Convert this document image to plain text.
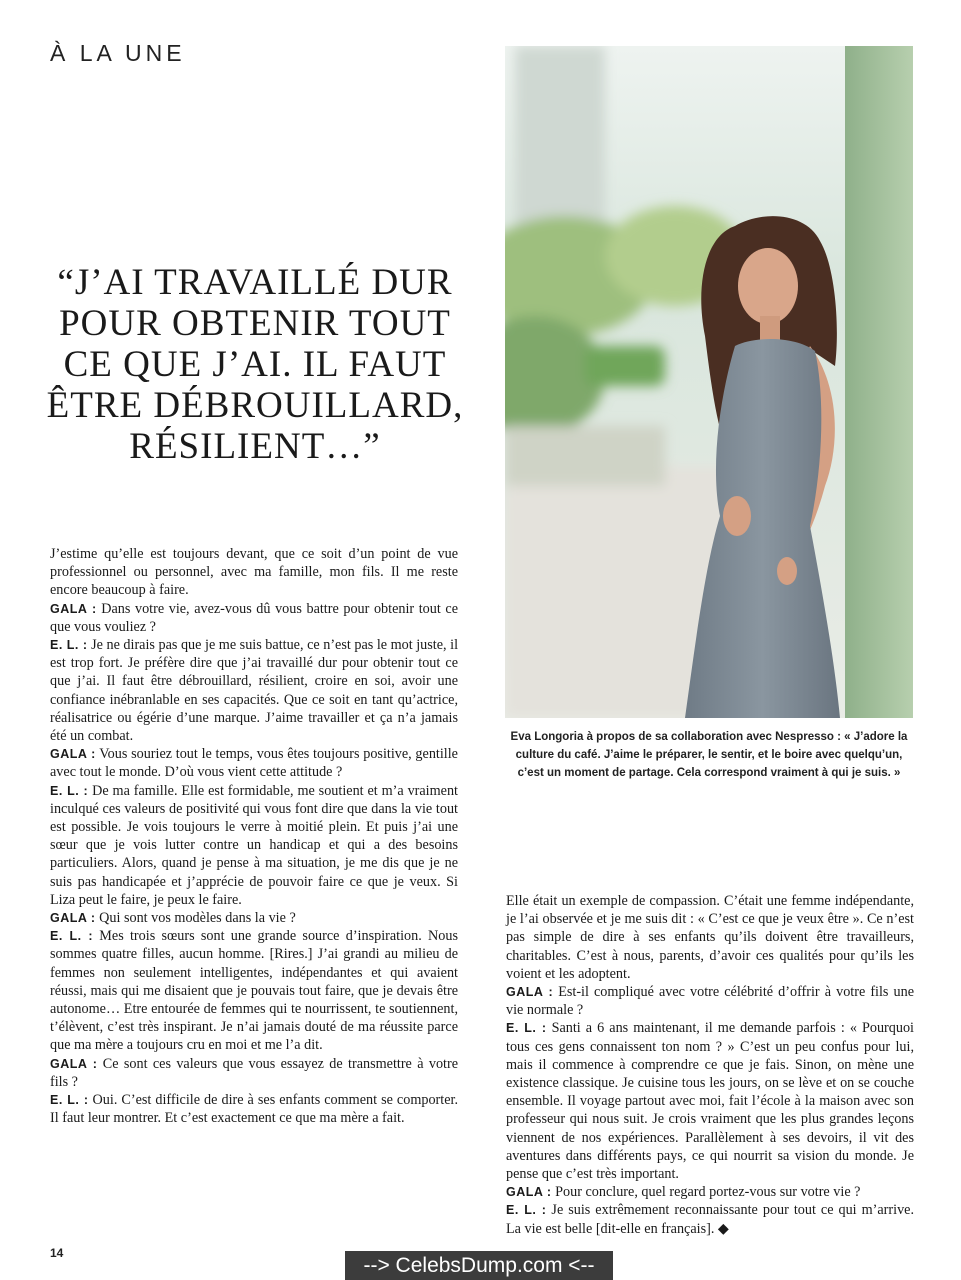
À LA UNE
“J’AI TRAVAILLÉ DUR POUR OBTENIR TOUT CE QUE J’AI. IL FAUT ÊTRE DÉBROUILLARD, RÉSILIENT…”
Eva Longoria à propos de sa collaboration avec Nespresso : « J’adore la culture du café. J’aime le préparer, le sentir, et le boire avec quelqu’un, c’est un moment de partage. Cela correspond vraiment à qui je suis. »

J’estime qu’elle est toujours devant, que ce soit d’un point de vue professionnel ou personnel, avec ma famille, mon fils. Il me reste encore beaucoup à faire.

GALA : Dans votre vie, avez-vous dû vous battre pour obtenir tout ce que vous vouliez ?

E. L. : Je ne dirais pas que je me suis battue, ce n’est pas le mot juste, il est trop fort. Je préfère dire que j’ai travaillé dur pour obtenir tout ce que j’ai. Il faut être débrouillard, résilient, croire en soi, avoir une confiance inébranlable en ses capacités. Que ce soit en tant qu’actrice, réalisatrice ou égérie d’une marque. J’aime travailler et ça n’a jamais été un combat.

GALA : Vous souriez tout le temps, vous êtes toujours positive, gentille avec tout le monde. D’où vous vient cette attitude ?

E. L. : De ma famille. Elle est formidable, me soutient et m’a vraiment inculqué ces valeurs de positivité qui vous font dire que dans la vie tout est possible. Je vois toujours le verre à moitié plein. Et puis j’ai une sœur que je vois lutter contre un handicap et qui a des besoins particuliers. Alors, quand je pense à ma situation, je me dis que je ne suis pas handicapée et j’apprécie de pouvoir faire ce que je veux. Si Liza peut le faire, je peux le faire.

GALA : Qui sont vos modèles dans la vie ?

E. L. : Mes trois sœurs sont une grande source d’inspiration. Nous sommes quatre filles, aucun homme. [Rires.] J’ai grandi au milieu de femmes non seulement intelligentes, indépendantes et qui avaient réussi, mais qui me disaient que je pouvais tout faire, que je devais être autonome… Etre entourée de femmes qui te nourrissent, te soutiennent, t’élèvent, c’est très inspirant. Je n’ai jamais douté de ma réussite parce que ma mère a toujours cru en moi et me l’a dit.

GALA : Ce sont ces valeurs que vous essayez de transmettre à votre fils ?

E. L. : Oui. C’est difficile de dire à ses enfants comment se comporter. Il faut leur montrer. Et c’est exactement ce que ma mère a fait.

Elle était un exemple de compassion. C’était une femme indépendante, je l’ai observée et je me suis dit : « C’est ce que je veux être ». Ce n’est pas simple de dire à ses enfants qu’ils doivent être travailleurs, charitables. C’est à nous, parents, d’avoir ces qualités pour qu’ils les voient et les adoptent.

GALA : Est-il compliqué avec votre célébrité d’offrir à votre fils une vie normale ?

E. L. : Santi a 6 ans maintenant, il me demande parfois : « Pourquoi tous ces gens connaissent ton nom ? » C’est un peu confus pour lui, mais il commence à comprendre ce que je fais. Sinon, on mène une existence classique. Je cuisine tous les jours, on se lève et on se couche ensemble. Il voyage partout avec moi, fait l’école à la maison avec son professeur qui nous suit. Je crois vraiment que les plus grandes leçons viennent de nos expériences. Parallèlement à ses devoirs, il vit des aventures dans différents pays, ce qui nourrit sa vision du monde. Je pense que c’est très important.

GALA : Pour conclure, quel regard portez-vous sur votre vie ?

E. L. : Je suis extrêmement reconnaissante pour tout ce qui m’arrive. La vie est belle [dit-elle en français]. ◆

14
--> CelebsDump.com <--
